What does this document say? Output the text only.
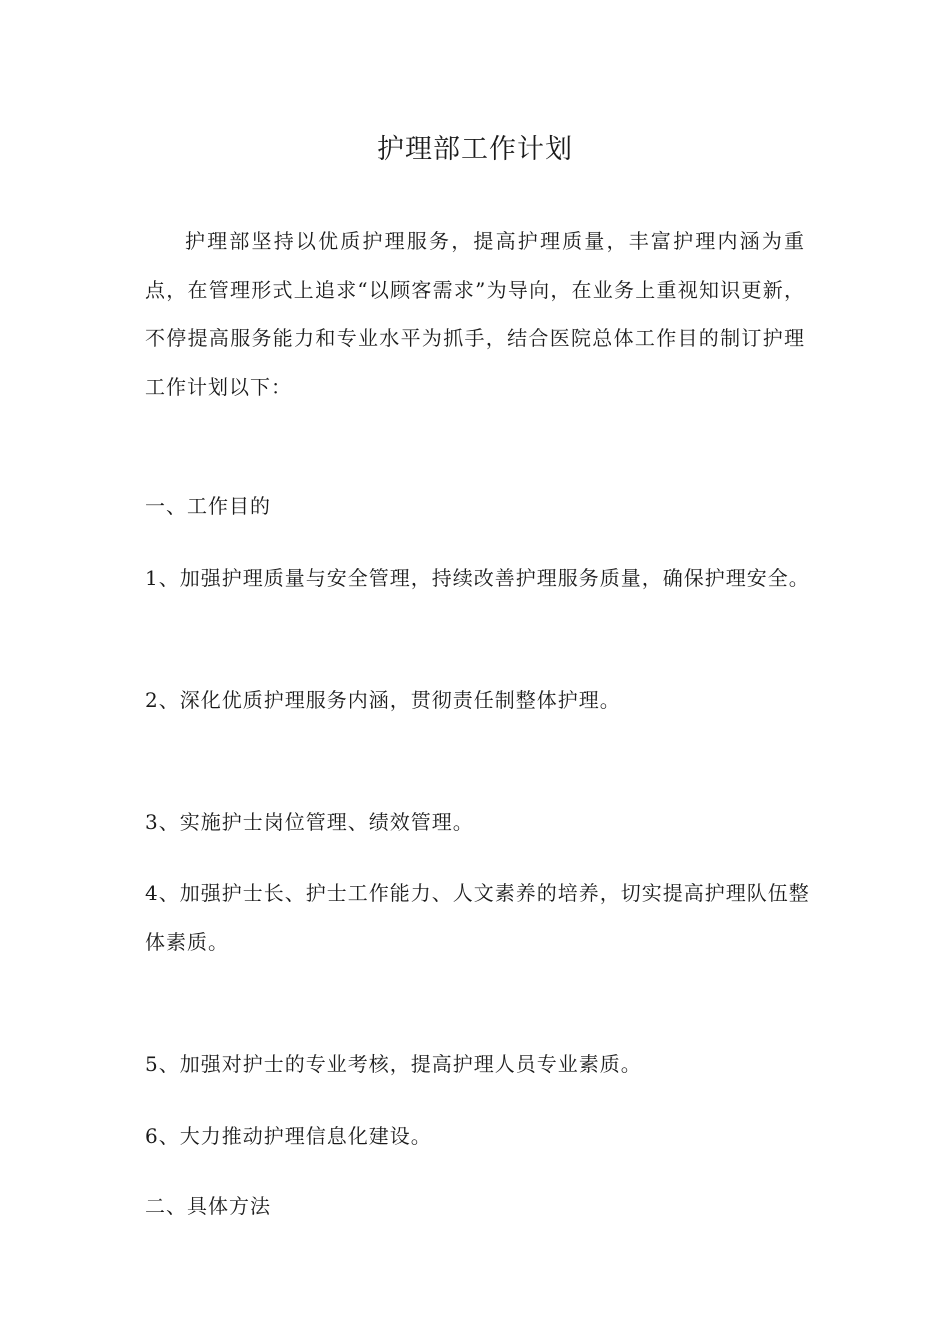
护理部工作计划

护理部坚持以优质护理服务，提高护理质量，丰富护理内涵为重点，在管理形式上追求“以顾客需求”为导向，在业务上重视知识更新，不停提高服务能力和专业水平为抓手，结合医院总体工作目的制订护理工作计划以下：

一、工作目的

1、加强护理质量与安全管理，持续改善护理服务质量，确保护理安全。

2、深化优质护理服务内涵，贯彻责任制整体护理。

3、实施护士岗位管理、绩效管理。

4、加强护士长、护士工作能力、人文素养的培养，切实提高护理队伍整体素质。

5、加强对护士的专业考核，提高护理人员专业素质。

6、大力推动护理信息化建设。

二、具体方法
